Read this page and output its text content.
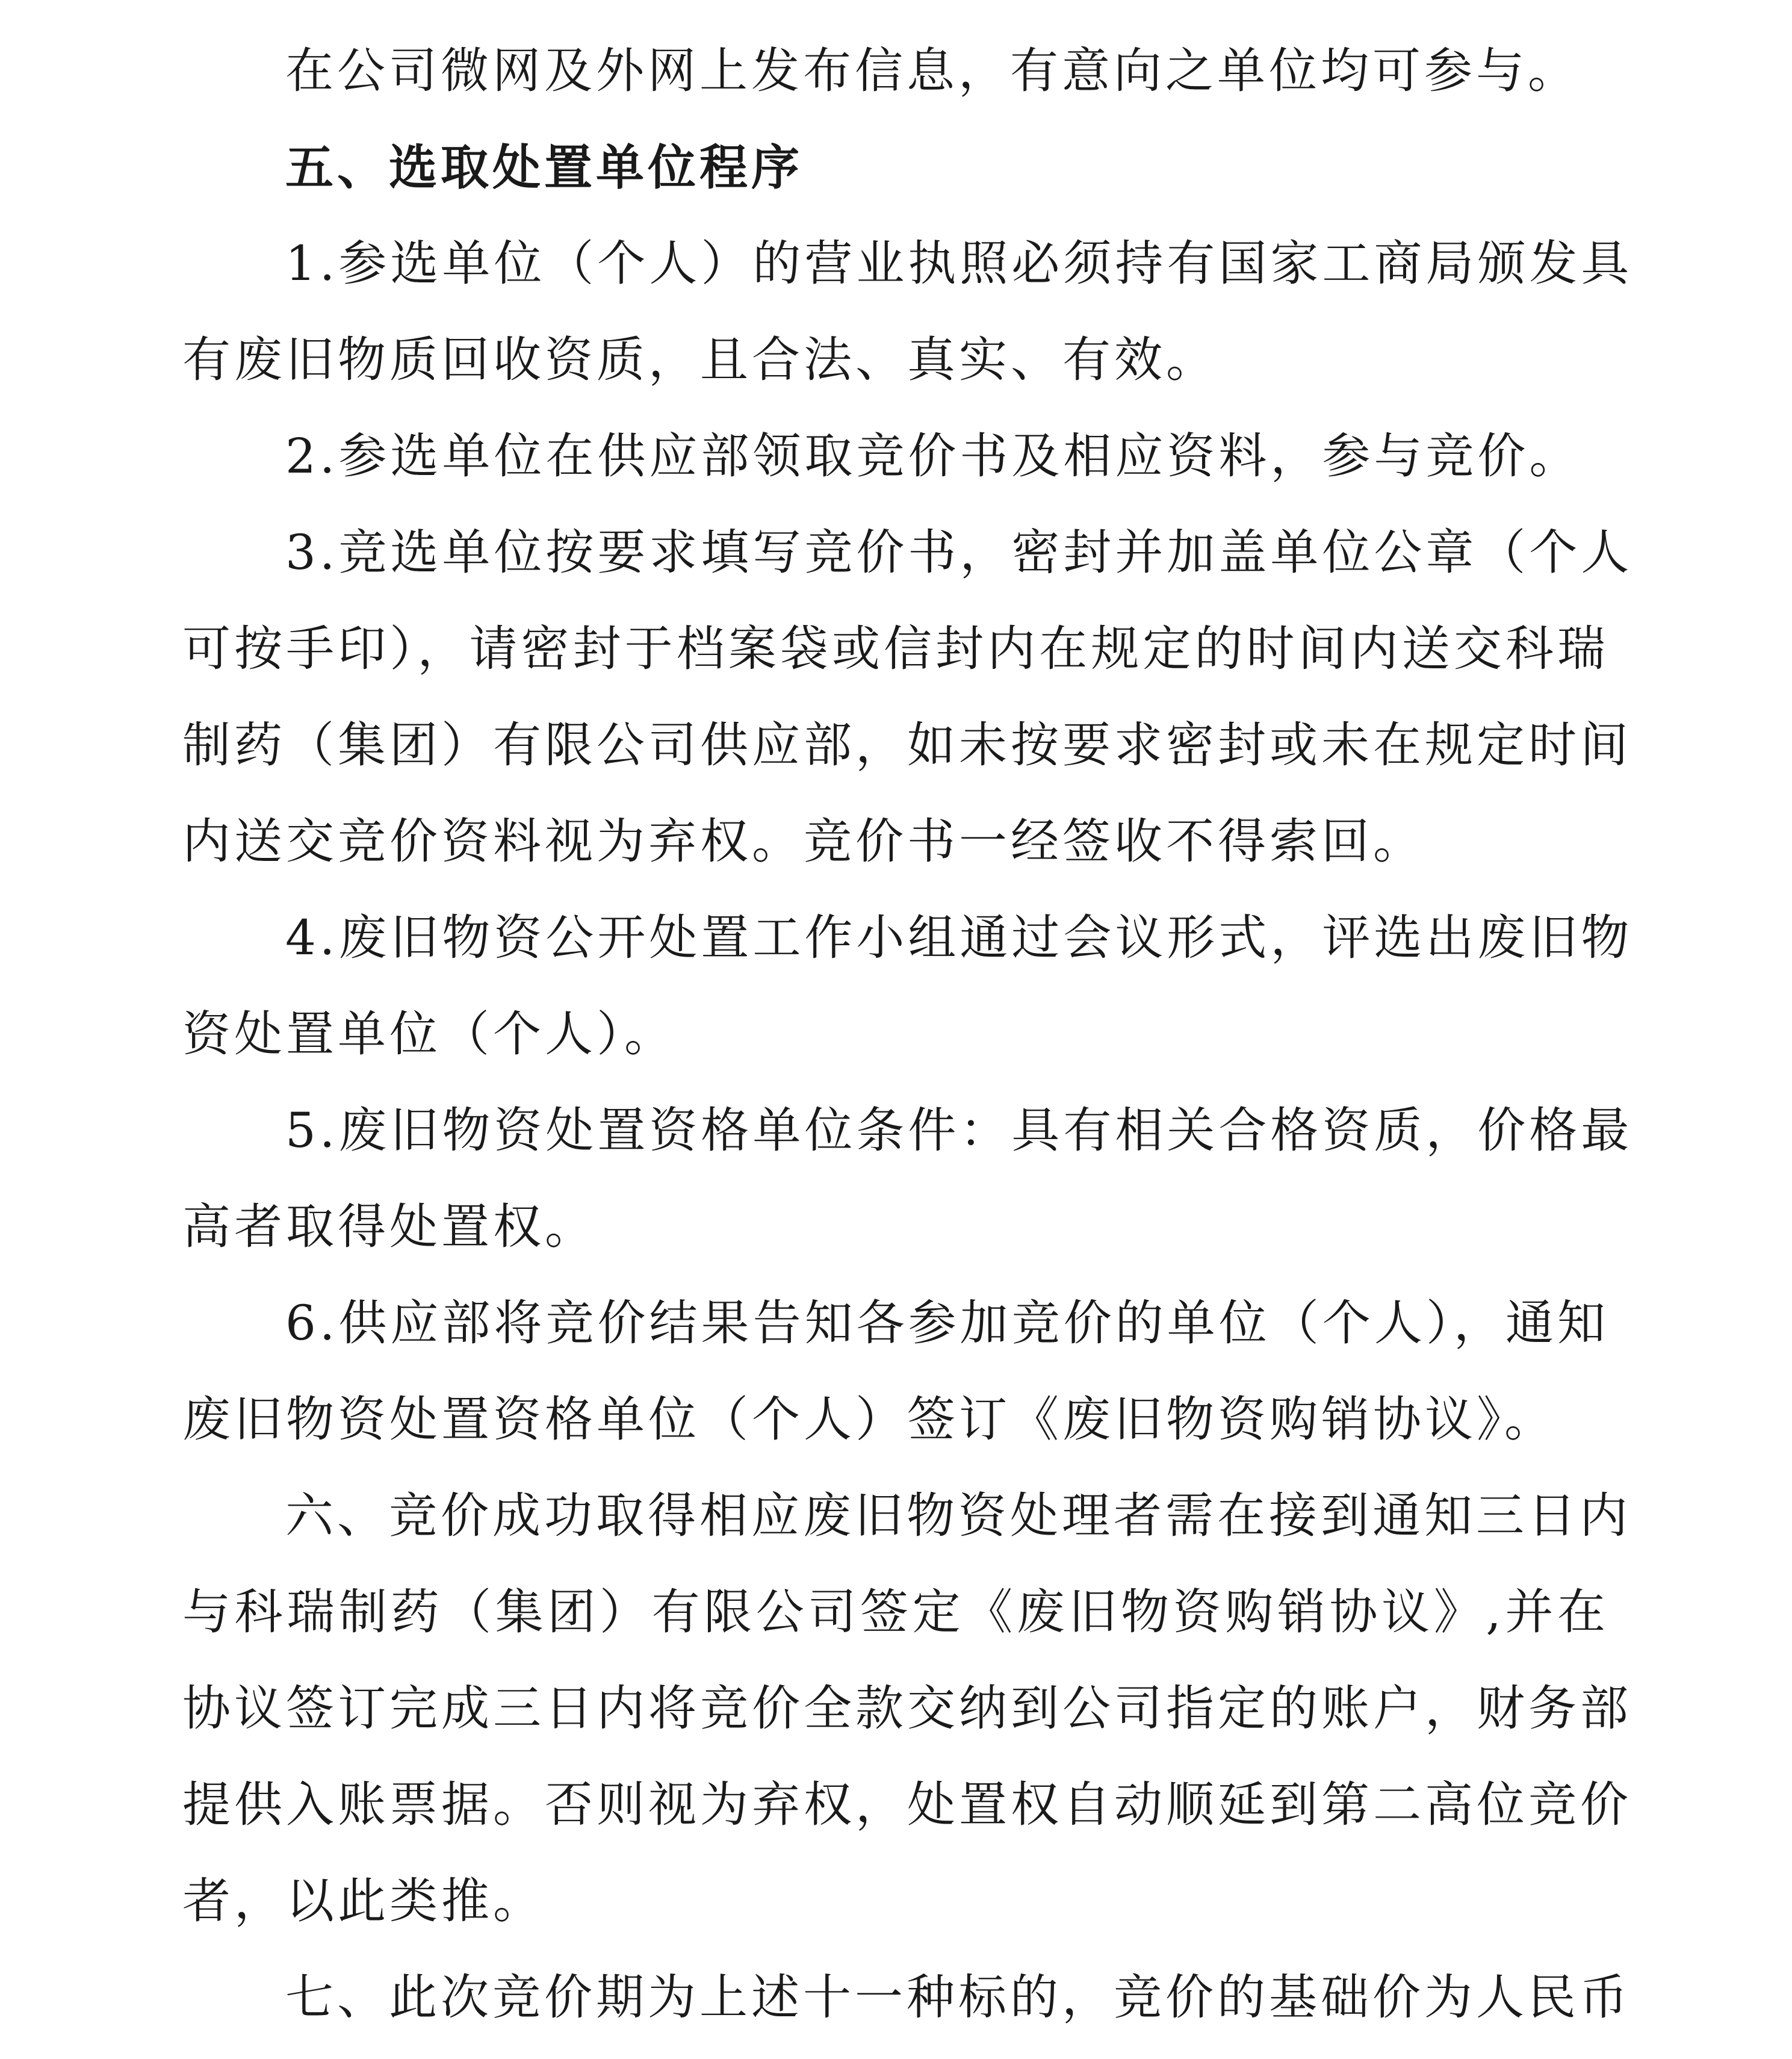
在公司微网及外网上发布信息，有意向之单位均可参与。
五、选取处置单位程序
1.参选单位（个人）的营业执照必须持有国家工商局颁发具
有废旧物质回收资质，且合法、真实、有效。
2.参选单位在供应部领取竞价书及相应资料，参与竞价。
3.竞选单位按要求填写竞价书，密封并加盖单位公章（个人
可按手印），请密封于档案袋或信封内在规定的时间内送交科瑞
制药（集团）有限公司供应部，如未按要求密封或未在规定时间
内送交竞价资料视为弃权。竞价书一经签收不得索回。
4.废旧物资公开处置工作小组通过会议形式，评选出废旧物
资处置单位（个人）。
5.废旧物资处置资格单位条件：具有相关合格资质，价格最
高者取得处置权。
6.供应部将竞价结果告知各参加竞价的单位（个人），通知
废旧物资处置资格单位（个人）签订《废旧物资购销协议》。
六、竞价成功取得相应废旧物资处理者需在接到通知三日内
与科瑞制药（集团）有限公司签定《废旧物资购销协议》,并在
协议签订完成三日内将竞价全款交纳到公司指定的账户，财务部
提供入账票据。否则视为弃权，处置权自动顺延到第二高位竞价
者，以此类推。
七、此次竞价期为上述十一种标的，竞价的基础价为人民币
